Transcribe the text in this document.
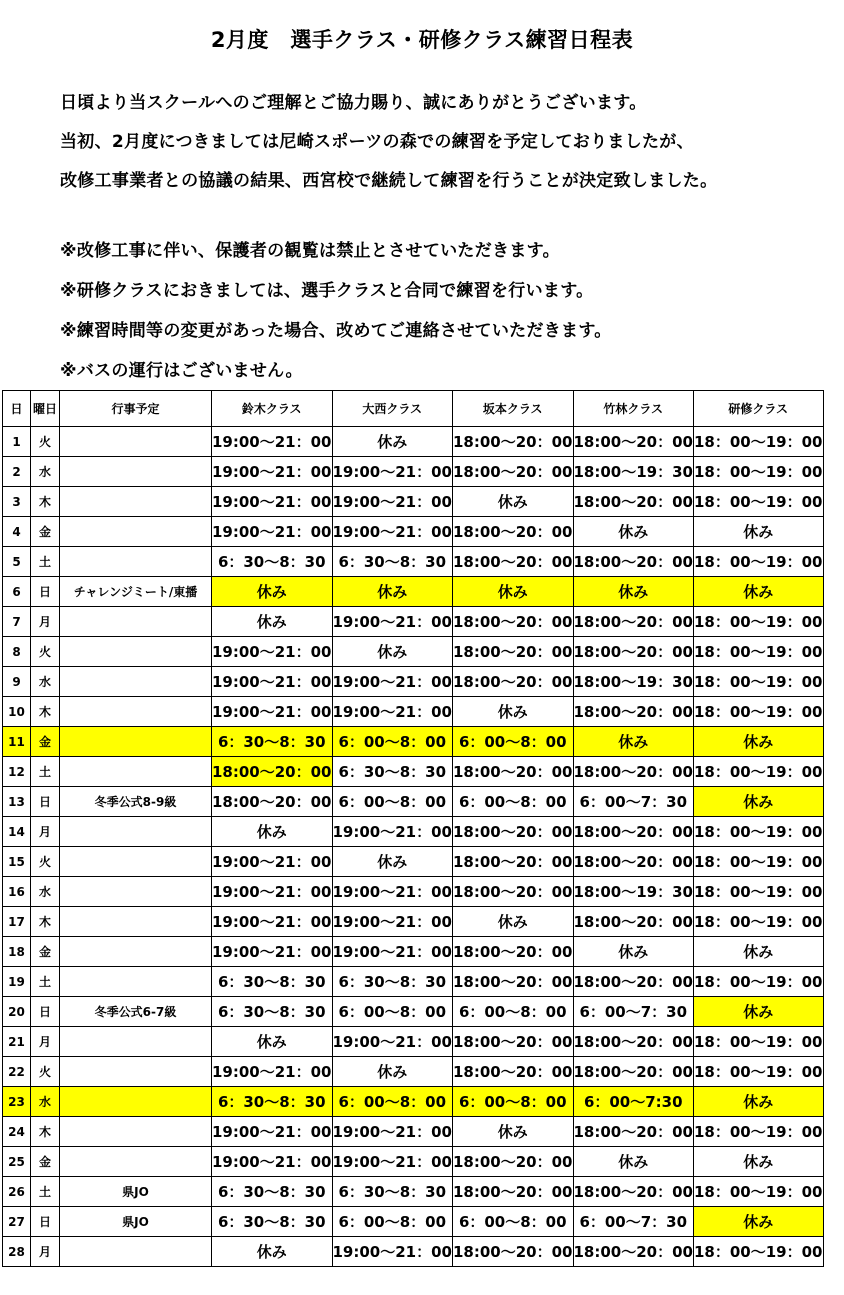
2月度　選手クラス・研修クラス練習日程表
日頃より当スクールへのご理解とご協力賜り、誠にありがとうございます。
当初、2月度につきましては尼崎スポーツの森での練習を予定しておりましたが、
改修工事業者との協議の結果、西宮校で継続して練習を行うことが決定致しました。
※改修工事に伴い、保護者の観覧は禁止とさせていただきます。
※研修クラスにおきましては、選手クラスと合同で練習を行います。
※練習時間等の変更があった場合、改めてご連絡させていただきます。
※バスの運行はございません。
日	曜日	行事予定	鈴木クラス	大西クラス	坂本クラス	竹林クラス	研修クラス
1	火		19:00～21：00	休み	18:00～20：00	18:00～20：00	18：00～19：00
2	水		19:00～21：00	19:00～21：00	18:00～20：00	18:00～19：30	18：00～19：00
3	木		19:00～21：00	19:00～21：00	休み	18:00～20：00	18：00～19：00
4	金		19:00～21：00	19:00～21：00	18:00～20：00	休み	休み
5	土		6：30～8：30	6：30～8：30	18:00～20：00	18:00～20：00	18：00～19：00
6	日	チャレンジミート/東播	休み	休み	休み	休み	休み
7	月		休み	19:00～21：00	18:00～20：00	18:00～20：00	18：00～19：00
8	火		19:00～21：00	休み	18:00～20：00	18:00～20：00	18：00～19：00
9	水		19:00～21：00	19:00～21：00	18:00～20：00	18:00～19：30	18：00～19：00
10	木		19:00～21：00	19:00～21：00	休み	18:00～20：00	18：00～19：00
11	金		6：30～8：30	6：00～8：00	6：00～8：00	休み	休み
12	土		18:00～20：00	6：30～8：30	18:00～20：00	18:00～20：00	18：00～19：00
13	日	冬季公式8-9級	18:00～20：00	6：00～8：00	6：00～8：00	6：00～7：30	休み
14	月		休み	19:00～21：00	18:00～20：00	18:00～20：00	18：00～19：00
15	火		19:00～21：00	休み	18:00～20：00	18:00～20：00	18：00～19：00
16	水		19:00～21：00	19:00～21：00	18:00～20：00	18:00～19：30	18：00～19：00
17	木		19:00～21：00	19:00～21：00	休み	18:00～20：00	18：00～19：00
18	金		19:00～21：00	19:00～21：00	18:00～20：00	休み	休み
19	土		6：30～8：30	6：30～8：30	18:00～20：00	18:00～20：00	18：00～19：00
20	日	冬季公式6-7級	6：30～8：30	6：00～8：00	6：00～8：00	6：00～7：30	休み
21	月		休み	19:00～21：00	18:00～20：00	18:00～20：00	18：00～19：00
22	火		19:00～21：00	休み	18:00～20：00	18:00～20：00	18：00～19：00
23	水		6：30～8：30	6：00～8：00	6：00～8：00	6：00～7:30	休み
24	木		19:00～21：00	19:00～21：00	休み	18:00～20：00	18：00～19：00
25	金		19:00～21：00	19:00～21：00	18:00～20：00	休み	休み
26	土	県JO	6：30～8：30	6：30～8：30	18:00～20：00	18:00～20：00	18：00～19：00
27	日	県JO	6：30～8：30	6：00～8：00	6：00～8：00	6：00～7：30	休み
28	月		休み	19:00～21：00	18:00～20：00	18:00～20：00	18：00～19：00
